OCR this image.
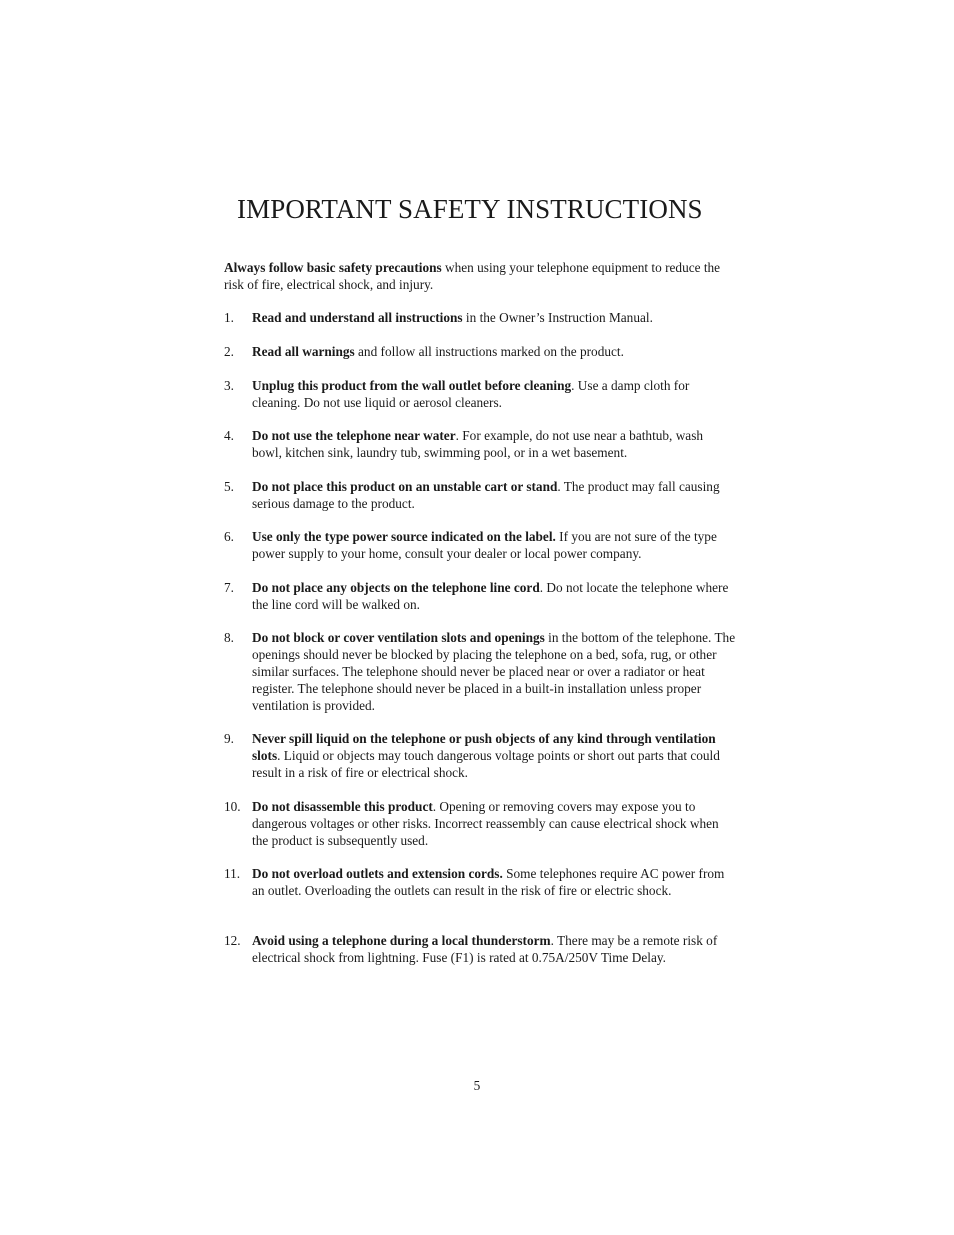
IMPORTANT SAFETY INSTRUCTIONS

Always follow basic safety precautions when using your telephone equipment to reduce the risk of fire, electrical shock, and injury.

1.	Read and understand all instructions in the Owner’s Instruction Manual.
2.	Read all warnings and follow all instructions marked on the product.
3.	Unplug this product from the wall outlet before cleaning. Use a damp cloth for cleaning. Do not use liquid or aerosol cleaners.
4.	Do not use the telephone near water. For example, do not use near a bathtub, wash bowl, kitchen sink, laundry tub, swimming pool, or in a wet basement.
5.	Do not place this product on an unstable cart or stand. The product may fall causing serious damage to the product.
6.	Use only the type power source indicated on the label. If you are not sure of the type power supply to your home, consult your dealer or local power company.
7.	Do not place any objects on the telephone line cord. Do not locate the telephone where the line cord will be walked on.
8.	Do not block or cover ventilation slots and openings in the bottom of the telephone. The openings should never be blocked by placing the telephone on a bed, sofa, rug, or other similar surfaces. The telephone should never be placed near or over a radiator or heat register. The telephone should never be placed in a built-in installation unless proper ventilation is provided.
9.	Never spill liquid on the telephone or push objects of any kind through ventilation slots. Liquid or objects may touch dangerous voltage points or short out parts that could result in a risk of fire or electrical shock.
10. Do not disassemble this product. Opening or removing covers may expose you to dangerous voltages or other risks. Incorrect reassembly can cause electrical shock when the product is subsequently used.
11. Do not overload outlets and extension cords. Some telephones require AC power from an outlet. Overloading the outlets can result in the risk of fire or electric shock.
12. Avoid using a telephone during a local thunderstorm. There may be a remote risk of electrical shock from lightning. Fuse (F1) is rated at 0.75A/250V Time Delay.
5
